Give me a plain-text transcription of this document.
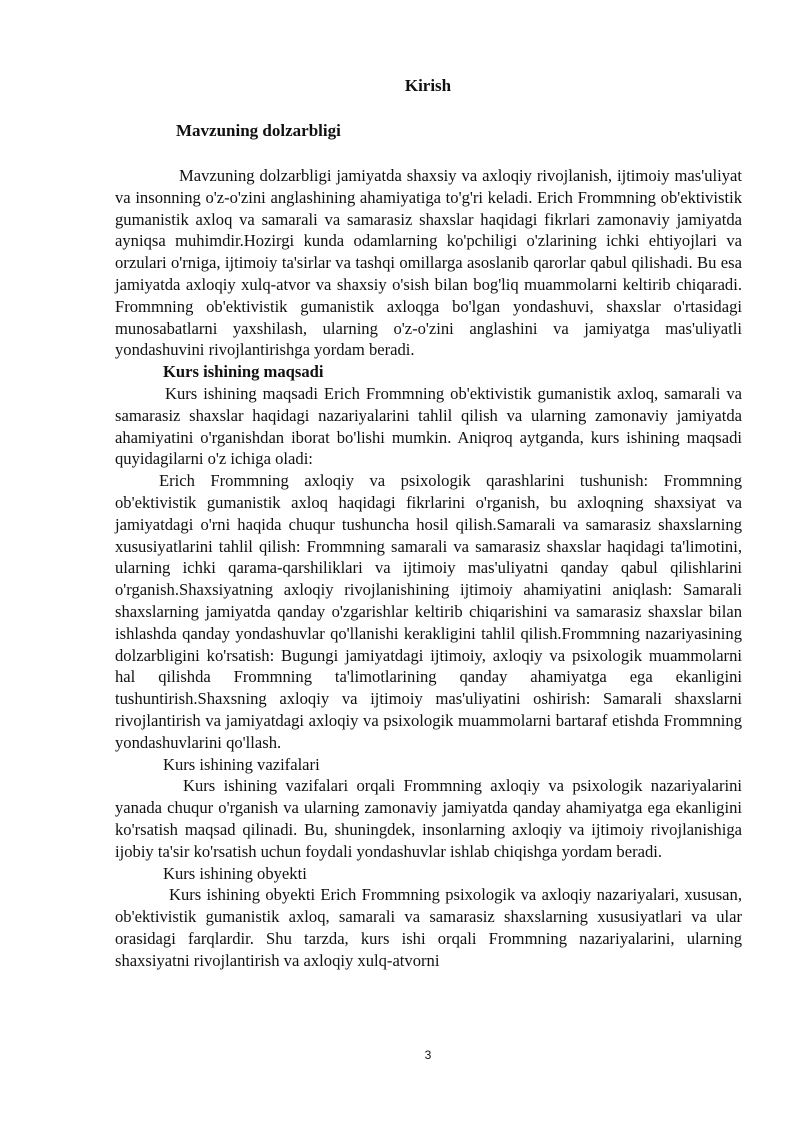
Kirish
Mavzuning dolzarbligi

Mavzuning dolzarbligi jamiyatda shaxsiy va axloqiy rivojlanish, ijtimoiy mas'uliyat va insonning o'z-o'zini anglashining ahamiyatiga to'g'ri keladi. Erich Frommning ob'ektivistik gumanistik axloq va samarali va samarasiz shaxslar haqidagi fikrlari zamonaviy jamiyatda ayniqsa muhimdir.Hozirgi kunda odamlarning ko'pchiligi o'zlarining ichki ehtiyojlari va orzulari o'rniga, ijtimoiy ta'sirlar va tashqi omillarga asoslanib qarorlar qabul qilishadi. Bu esa jamiyatda axloqiy xulq-atvor va shaxsiy o'sish bilan bog'liq muammolarni keltirib chiqaradi. Frommning ob'ektivistik gumanistik axloqga bo'lgan yondashuvi, shaxslar o'rtasidagi munosabatlarni yaxshilash, ularning o'z-o'zini anglashini va jamiyatga mas'uliyatli yondashuvini rivojlantirishga yordam beradi.

Kurs ishining maqsadi

Kurs ishining maqsadi Erich Frommning ob'ektivistik gumanistik axloq, samarali va samarasiz shaxslar haqidagi nazariyalarini tahlil qilish va ularning zamonaviy jamiyatda ahamiyatini o'rganishdan iborat bo'lishi mumkin. Aniqroq aytganda, kurs ishining maqsadi quyidagilarni o'z ichiga oladi:

Erich Frommning axloqiy va psixologik qarashlarini tushunish: Frommning ob'ektivistik gumanistik axloq haqidagi fikrlarini o'rganish, bu axloqning shaxsiyat va jamiyatdagi o'rni haqida chuqur tushuncha hosil qilish.Samarali va samarasiz shaxslarning xususiyatlarini tahlil qilish: Frommning samarali va samarasiz shaxslar haqidagi ta'limotini, ularning ichki qarama-qarshiliklari va ijtimoiy mas'uliyatni qanday qabul qilishlarini o'rganish.Shaxsiyatning axloqiy rivojlanishining ijtimoiy ahamiyatini aniqlash: Samarali shaxslarning jamiyatda qanday o'zgarishlar keltirib chiqarishini va samarasiz shaxslar bilan ishlashda qanday yondashuvlar qo'llanishi kerakligini tahlil qilish.Frommning nazariyasining dolzarbligini ko'rsatish: Bugungi jamiyatdagi ijtimoiy, axloqiy va psixologik muammolarni hal qilishda Frommning ta'limotlarining qanday ahamiyatga ega ekanligini tushuntirish.Shaxsning axloqiy va ijtimoiy mas'uliyatini oshirish: Samarali shaxslarni rivojlantirish va jamiyatdagi axloqiy va psixologik muammolarni bartaraf etishda Frommning yondashuvlarini qo'llash.

Kurs ishining vazifalari

Kurs ishining vazifalari orqali Frommning axloqiy va psixologik nazariyalarini yanada chuqur o'rganish va ularning zamonaviy jamiyatda qanday ahamiyatga ega ekanligini ko'rsatish maqsad qilinadi. Bu, shuningdek, insonlarning axloqiy va ijtimoiy rivojlanishiga ijobiy ta'sir ko'rsatish uchun foydali yondashuvlar ishlab chiqishga yordam beradi.

Kurs ishining obyekti

Kurs ishining obyekti Erich Frommning psixologik va axloqiy nazariyalari, xususan, ob'ektivistik gumanistik axloq, samarali va samarasiz shaxslarning xususiyatlari va ular orasidagi farqlardir. Shu tarzda, kurs ishi orqali Frommning nazariyalarini, ularning shaxsiyatni rivojlantirish va axloqiy xulq-atvorni

3
